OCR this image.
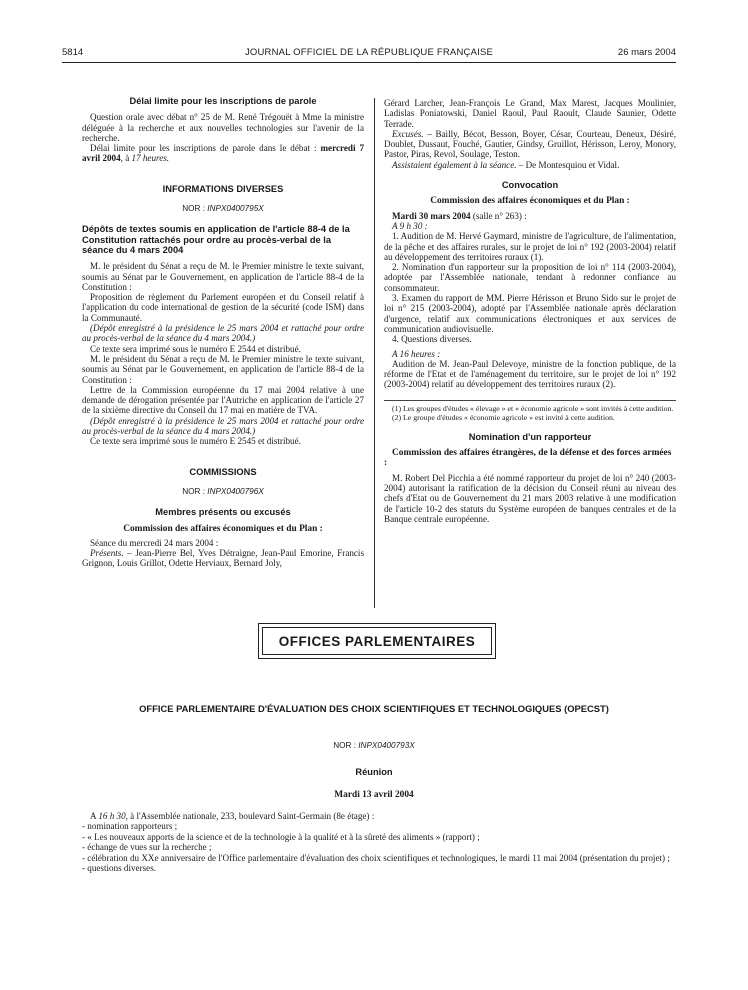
5814	JOURNAL OFFICIEL DE LA RÉPUBLIQUE FRANÇAISE	26 mars 2004
Délai limite pour les inscriptions de parole

Question orale avec débat n° 25 de M. René Trégouët à Mme la ministre déléguée à la recherche et aux nouvelles technologies sur l'avenir de la recherche.

Délai limite pour les inscriptions de parole dans le débat : mercredi 7 avril 2004, à 17 heures.

INFORMATIONS DIVERSES
NOR : INPX0400795X
Dépôts de textes soumis en application de l'article 88-4 de la Constitution rattachés pour ordre au procès-verbal de la séance du 4 mars 2004

M. le président du Sénat a reçu de M. le Premier ministre le texte suivant, soumis au Sénat par le Gouvernement, en application de l'article 88-4 de la Constitution :

Proposition de règlement du Parlement européen et du Conseil relatif à l'application du code international de gestion de la sécurité (code ISM) dans la Communauté.

(Dépôt enregistré à la présidence le 25 mars 2004 et rattaché pour ordre au procès-verbal de la séance du 4 mars 2004.)

Ce texte sera imprimé sous le numéro E 2544 et distribué.

M. le président du Sénat a reçu de M. le Premier ministre le texte suivant, soumis au Sénat par le Gouvernement, en application de l'article 88-4 de la Constitution :

Lettre de la Commission européenne du 17 mai 2004 relative à une demande de dérogation présentée par l'Autriche en application de l'article 27 de la sixième directive du Conseil du 17 mai en matière de TVA.

(Dépôt enregistré à la présidence le 25 mars 2004 et rattaché pour ordre au procès-verbal de la séance du 4 mars 2004.)

Ce texte sera imprimé sous le numéro E 2545 et distribué.

COMMISSIONS
NOR : INPX0400796X
Membres présents ou excusés
Commission des affaires économiques et du Plan :

Séance du mercredi 24 mars 2004 :

Présents. – Jean-Pierre Bel, Yves Détraigne, Jean-Paul Emorine, Francis Grignon, Louis Grillot, Odette Herviaux, Bernard Joly,

Gérard Larcher, Jean-François Le Grand, Max Marest, Jacques Moulinier, Ladislas Poniatowski, Daniel Raoul, Paul Raoult, Claude Saunier, Odette Terrade.

Excusés. – Bailly, Bécot, Besson, Boyer, César, Courteau, Deneux, Désiré, Doublet, Dussaut, Fouché, Gautier, Gindsy, Gruillot, Hérisson, Leroy, Monory, Pastor, Piras, Revol, Soulage, Teston.

Assistaient également à la séance. – De Montesquiou et Vidal.

Convocation
Commission des affaires économiques et du Plan :

Mardi 30 mars 2004 (salle n° 263) :

A 9 h 30 :

1. Audition de M. Hervé Gaymard, ministre de l'agriculture, de l'alimentation, de la pêche et des affaires rurales, sur le projet de loi n° 192 (2003-2004) relatif au développement des territoires ruraux (1).

2. Nomination d'un rapporteur sur la proposition de loi n° 114 (2003-2004), adoptée par l'Assemblée nationale, tendant à redonner confiance au consommateur.

3. Examen du rapport de MM. Pierre Hérisson et Bruno Sido sur le projet de loi n° 215 (2003-2004), adopté par l'Assemblée nationale après déclaration d'urgence, relatif aux communications électroniques et aux services de communication audiovisuelle.

4. Questions diverses.

A 16 heures :

Audition de M. Jean-Paul Delevoye, ministre de la fonction publique, de la réforme de l'Etat et de l'aménagement du territoire, sur le projet de loi n° 192 (2003-2004) relatif au développement des territoires ruraux (2).

(1) Les groupes d'études « élevage » et « économie agricole » sont invités à cette audition.

(2) Le groupe d'études « économie agricole » est invité à cette audition.

Nomination d'un rapporteur
Commission des affaires étrangères, de la défense et des forces armées :

M. Robert Del Picchia a été nommé rapporteur du projet de loi n° 240 (2003-2004) autorisant la ratification de la décision du Conseil réuni au niveau des chefs d'Etat ou de Gouvernement du 21 mars 2003 relative à une modification de l'article 10-2 des statuts du Système européen de banques centrales et de la Banque centrale européenne.

OFFICES PARLEMENTAIRES
OFFICE PARLEMENTAIRE D'ÉVALUATION DES CHOIX SCIENTIFIQUES ET TECHNOLOGIQUES (OPECST)
NOR : INPX0400793X
Réunion
Mardi 13 avril 2004

A 16 h 30, à l'Assemblée nationale, 233, boulevard Saint-Germain (8e étage) :

- nomination rapporteurs ;

- « Les nouveaux apports de la science et de la technologie à la qualité et à la sûreté des aliments » (rapport) ;

- échange de vues sur la recherche ;

- célébration du XXe anniversaire de l'Office parlementaire d'évaluation des choix scientifiques et technologiques, le mardi 11 mai 2004 (présentation du projet) ;

- questions diverses.
